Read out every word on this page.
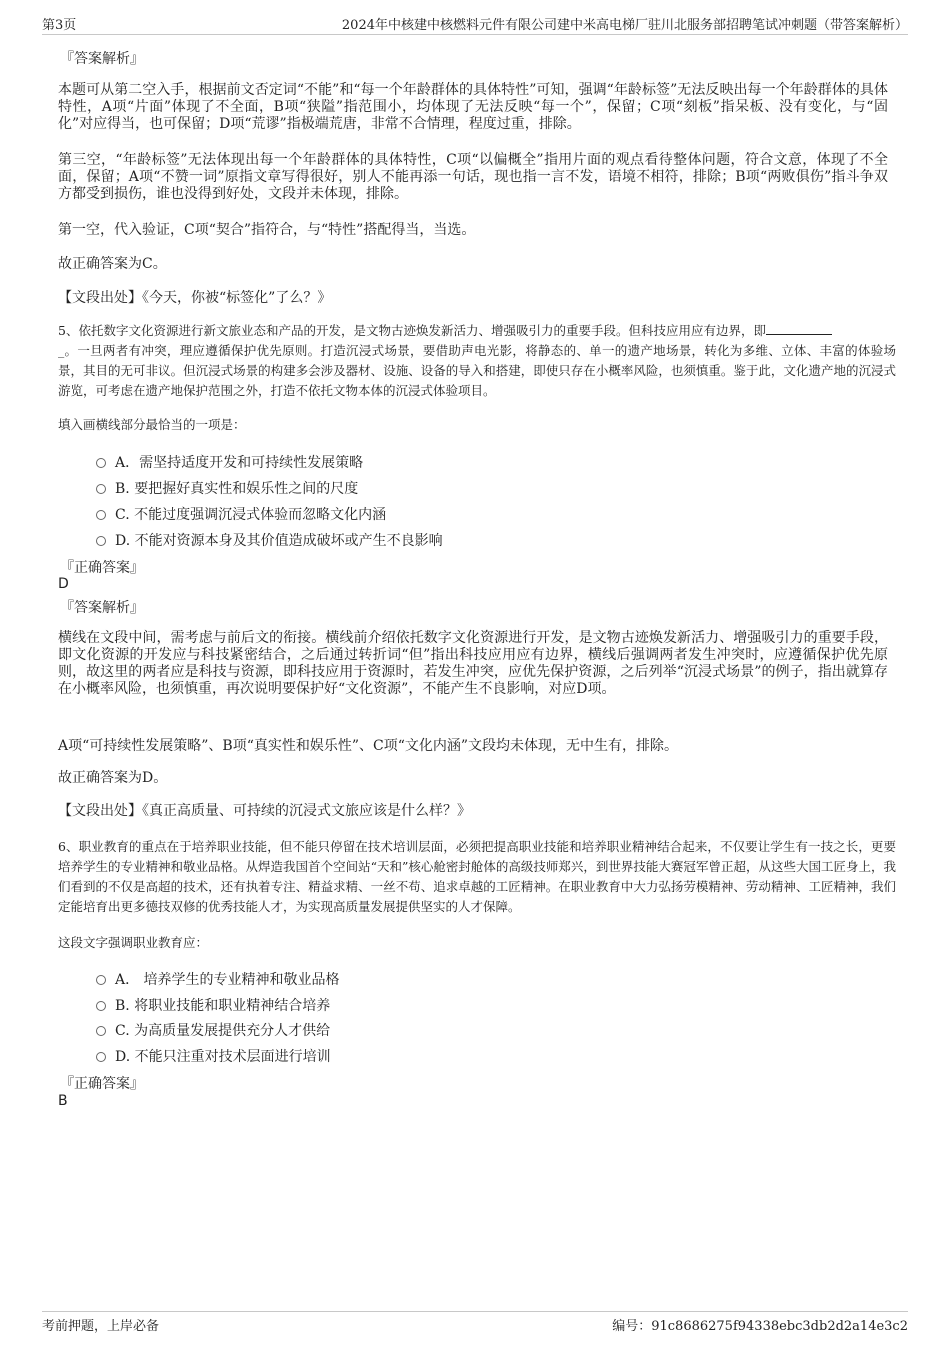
第3页	2024年中核建中核燃料元件有限公司建中米高电梯厂驻川北服务部招聘笔试冲刺题（带答案解析）
『答案解析』
本题可从第二空入手，根据前文否定词“不能”和“每一个年龄群体的具体特性”可知，强调“年龄标签”无法反映出每一个年龄群体的具体特性，A项“片面”体现了不全面，B项“狭隘”指范围小，均体现了无法反映“每一个”，保留；C项“刻板”指呆板、没有变化，与“固化”对应得当，也可保留；D项“荒谬”指极端荒唐，非常不合情理，程度过重，排除。
第三空，“年龄标签”无法体现出每一个年龄群体的具体特性，C项“以偏概全”指用片面的观点看待整体问题，符合文意，体现了不全面，保留；A项“不赞一词”原指文章写得很好，别人不能再添一句话，现也指一言不发，语境不相符，排除；B项“两败俱伤”指斗争双方都受到损伤，谁也没得到好处，文段并未体现，排除。
第一空，代入验证，C项“契合”指符合，与“特性”搭配得当，当选。
故正确答案为C。
【文段出处】《今天，你被“标签化”了么？》
5、依托数字文化资源进行新文旅业态和产品的开发，是文物古迹焕发新活力、增强吸引力的重要手段。但科技应用应有边界，即
_。一旦两者有冲突，理应遵循保护优先原则。打造沉浸式场景，要借助声电光影，将静态的、单一的遗产地场景，转化为多维、立体、丰富的体验场景，其目的无可非议。但沉浸式场景的构建多会涉及器材、设施、设备的导入和搭建，即使只存在小概率风险，也须慎重。鉴于此，文化遗产地的沉浸式游览，可考虑在遗产地保护范围之外，打造不依托文物本体的沉浸式体验项目。
填入画横线部分最恰当的一项是：
A．需坚持适度开发和可持续性发展策略
B. 要把握好真实性和娱乐性之间的尺度
C. 不能过度强调沉浸式体验而忽略文化内涵
D. 不能对资源本身及其价值造成破坏或产生不良影响
『正确答案』
D
『答案解析』
横线在文段中间，需考虑与前后文的衔接。横线前介绍依托数字文化资源进行开发，是文物古迹焕发新活力、增强吸引力的重要手段，即文化资源的开发应与科技紧密结合，之后通过转折词“但”指出科技应用应有边界，横线后强调两者发生冲突时，应遵循保护优先原则，故这里的两者应是科技与资源，即科技应用于资源时，若发生冲突，应优先保护资源，之后列举“沉浸式场景”的例子，指出就算存在小概率风险，也须慎重，再次说明要保护好“文化资源”，不能产生不良影响，对应D项。
A项“可持续性发展策略”、B项“真实性和娱乐性”、C项“文化内涵”文段均未体现，无中生有，排除。
故正确答案为D。
【文段出处】《真正高质量、可持续的沉浸式文旅应该是什么样？》
6、职业教育的重点在于培养职业技能，但不能只停留在技术培训层面，必须把提高职业技能和培养职业精神结合起来，不仅要让学生有一技之长，更要培养学生的专业精神和敬业品格。从焊造我国首个空间站“天和”核心舱密封舱体的高级技师郑兴，到世界技能大赛冠军曾正超，从这些大国工匠身上，我们看到的不仅是高超的技术，还有执着专注、精益求精、一丝不苟、追求卓越的工匠精神。在职业教育中大力弘扬劳模精神、劳动精神、工匠精神，我们定能培育出更多德技双修的优秀技能人才，为实现高质量发展提供坚实的人才保障。
这段文字强调职业教育应：
A． 培养学生的专业精神和敬业品格
B. 将职业技能和职业精神结合培养
C. 为高质量发展提供充分人才供给
D. 不能只注重对技术层面进行培训
『正确答案』
B
考前押题，上岸必备	编号：91c8686275f94338ebc3db2d2a14e3c2
